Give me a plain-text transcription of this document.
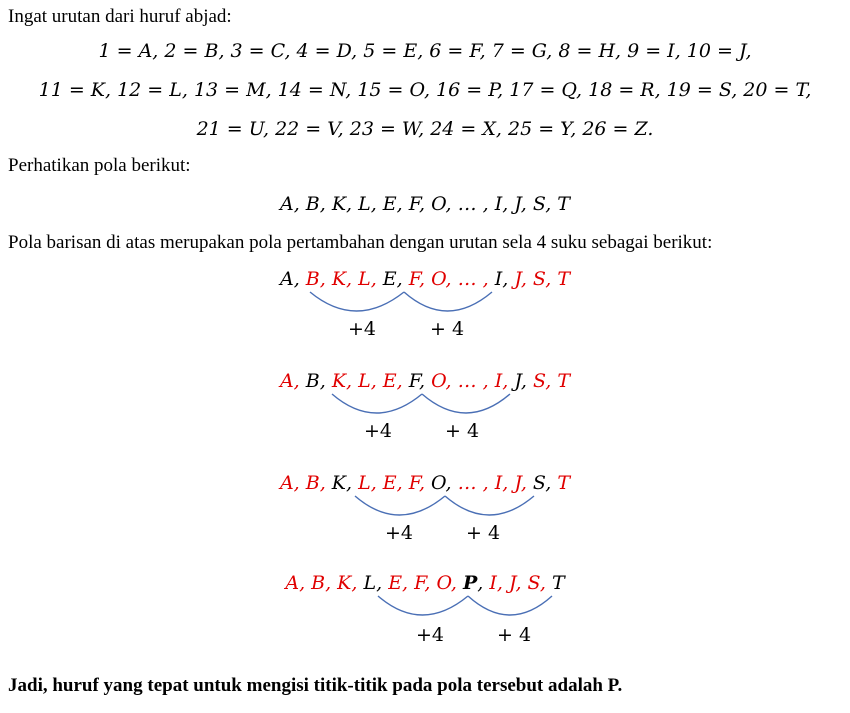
Ingat urutan dari huruf abjad:
1 = A, 2 = B, 3 = C, 4 = D, 5 = E, 6 = F, 7 = G, 8 = H, 9 = I, 10 = J,
11 = K, 12 = L, 13 = M, 14 = N, 15 = O, 16 = P, 17 = Q, 18 = R, 19 = S, 20 = T,
21 = U, 22 = V, 23 = W, 24 = X, 25 = Y, 26 = Z.
Perhatikan pola berikut:
A, B, K, L, E, F, O, … , I, J, S, T
Pola barisan di atas merupakan pola pertambahan dengan urutan sela 4 suku sebagai berikut:
A, B, K, L, E, F, O, … , I, J, S, T
A, B, K, L, E, F, O, … , I, J, S, T
A, B, K, L, E, F, O, … , I, J, S, T
A, B, K, L, E, F, O, P, I, J, S, T
+4	+ 4
+4	+ 4
+4	+ 4
+4	+ 4
Jadi, huruf yang tepat untuk mengisi titik-titik pada pola tersebut adalah P.
